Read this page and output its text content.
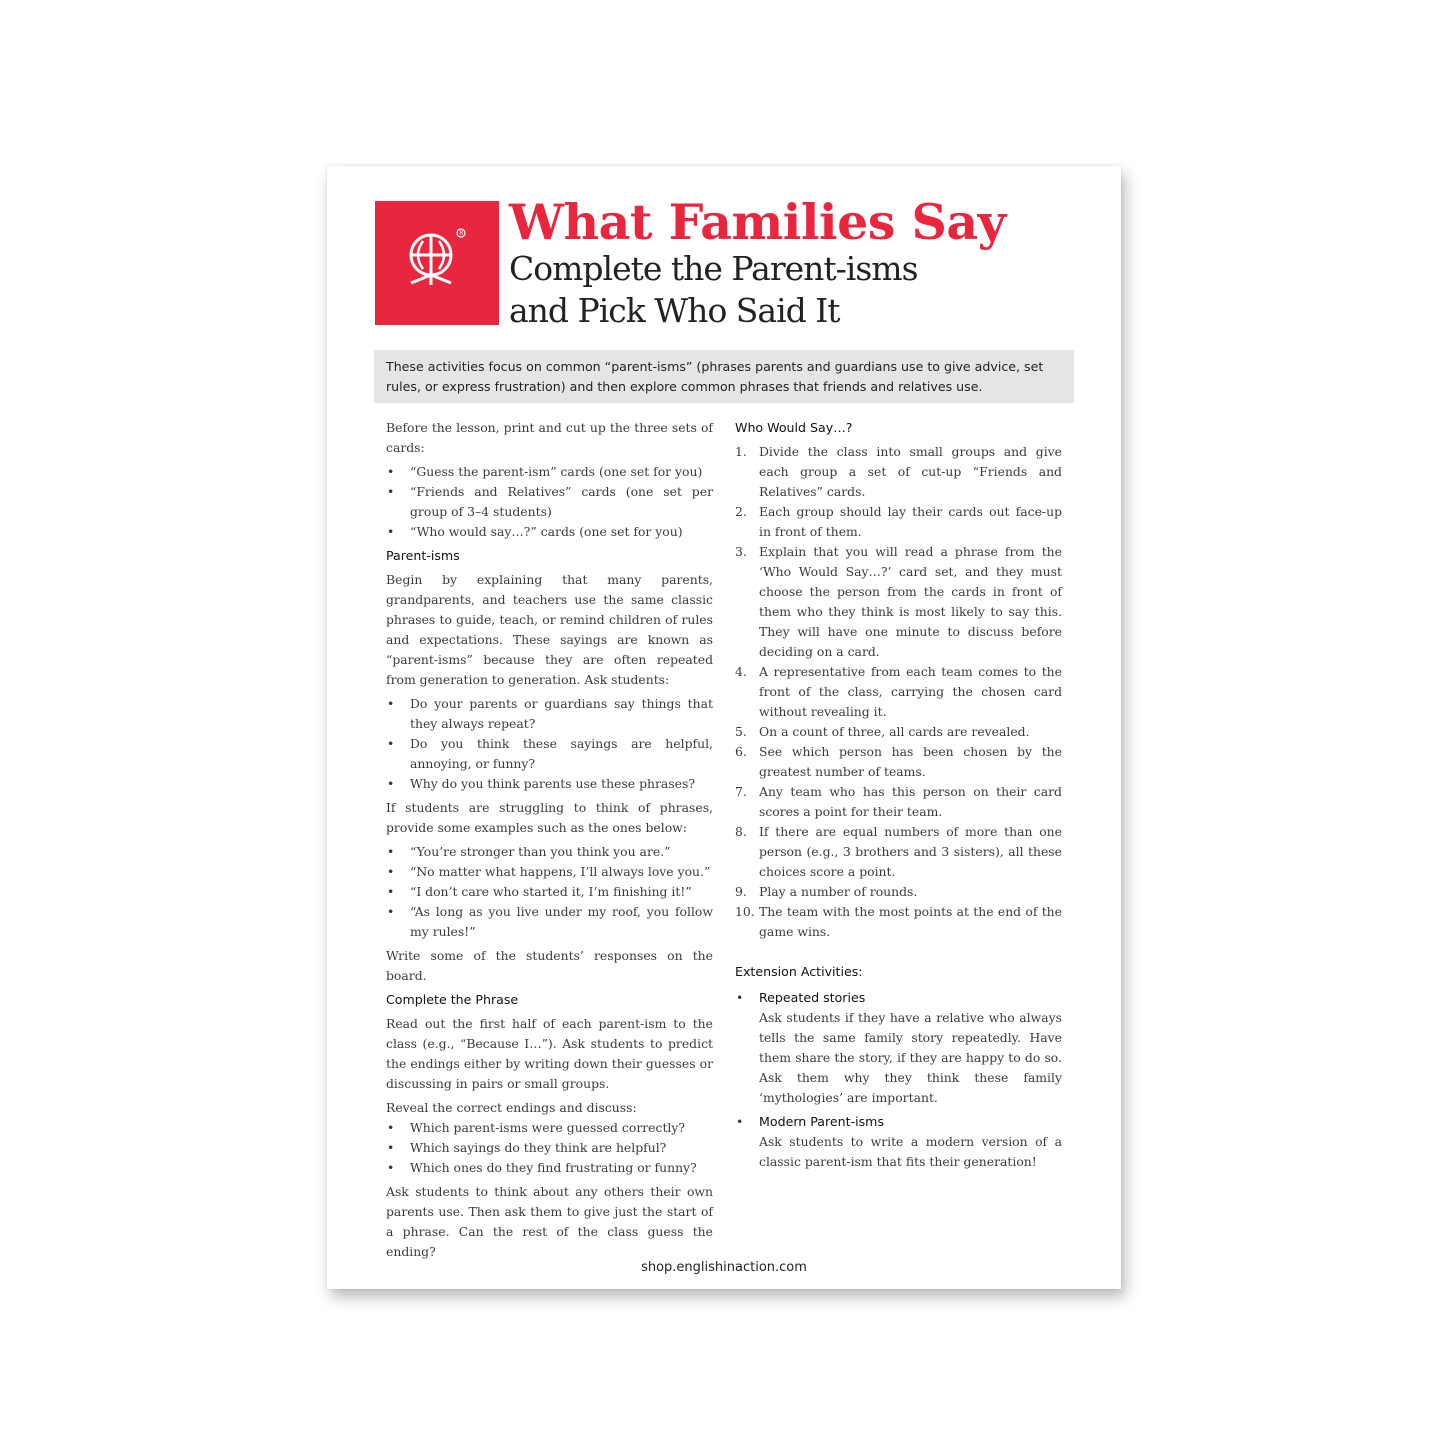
R What Families Say
Complete the Parent-isms
and Pick Who Said It
These activities focus on common “parent-isms” (phrases parents and guardians use to give advice, set rules, or express frustration) and then explore common phrases that friends and relatives use.

Before the lesson, print and cut up the three sets of cards:

• “Guess the parent-ism” cards (one set for you)
• “Friends and Relatives” cards (one set per group of 3–4 students)
• “Who would say…?” cards (one set for you)
Parent-isms

Begin by explaining that many parents, grandparents, and teachers use the same classic phrases to guide, teach, or remind children of rules and expectations. These sayings are known as “parent-isms” because they are often repeated from generation to generation. Ask students:

• Do your parents or guardians say things that they always repeat?
• Do you think these sayings are helpful, annoying, or funny?
• Why do you think parents use these phrases?

If students are struggling to think of phrases, provide some examples such as the ones below:

• “You’re stronger than you think you are.”
• “No matter what happens, I’ll always love you.”
• “I don’t care who started it, I’m finishing it!”
• “As long as you live under my roof, you follow my rules!”

Write some of the students’ responses on the board.

Complete the Phrase

Read out the first half of each parent-ism to the class (e.g., “Because I…”). Ask students to predict the endings either by writing down their guesses or discussing in pairs or small groups.

Reveal the correct endings and discuss:

• Which parent-isms were guessed correctly?
• Which sayings do they think are helpful?
• Which ones do they find frustrating or funny?

Ask students to think about any others their own parents use. Then ask them to give just the start of a phrase. Can the rest of the class guess the ending?

Who Would Say…?
1. Divide the class into small groups and give each group a set of cut-up “Friends and Relatives” cards.
2. Each group should lay their cards out face-up in front of them.
3. Explain that you will read a phrase from the ‘Who Would Say…?’ card set, and they must choose the person from the cards in front of them who they think is most likely to say this. They will have one minute to discuss before deciding on a card.
4. A representative from each team comes to the front of the class, carrying the chosen card without revealing it.
5. On a count of three, all cards are revealed.
6. See which person has been chosen by the greatest number of teams.
7. Any team who has this person on their card scores a point for their team.
8. If there are equal numbers of more than one person (e.g., 3 brothers and 3 sisters), all these choices score a point.
9. Play a number of rounds.
10. The team with the most points at the end of the game wins.
Extension Activities:
• Repeated stories
Ask students if they have a relative who always tells the same family story repeatedly. Have them share the story, if they are happy to do so. Ask them why they think these family ‘mythologies’ are important.
• Modern Parent-isms
Ask students to write a modern version of a classic parent-ism that fits their generation!
shop.englishinaction.com
